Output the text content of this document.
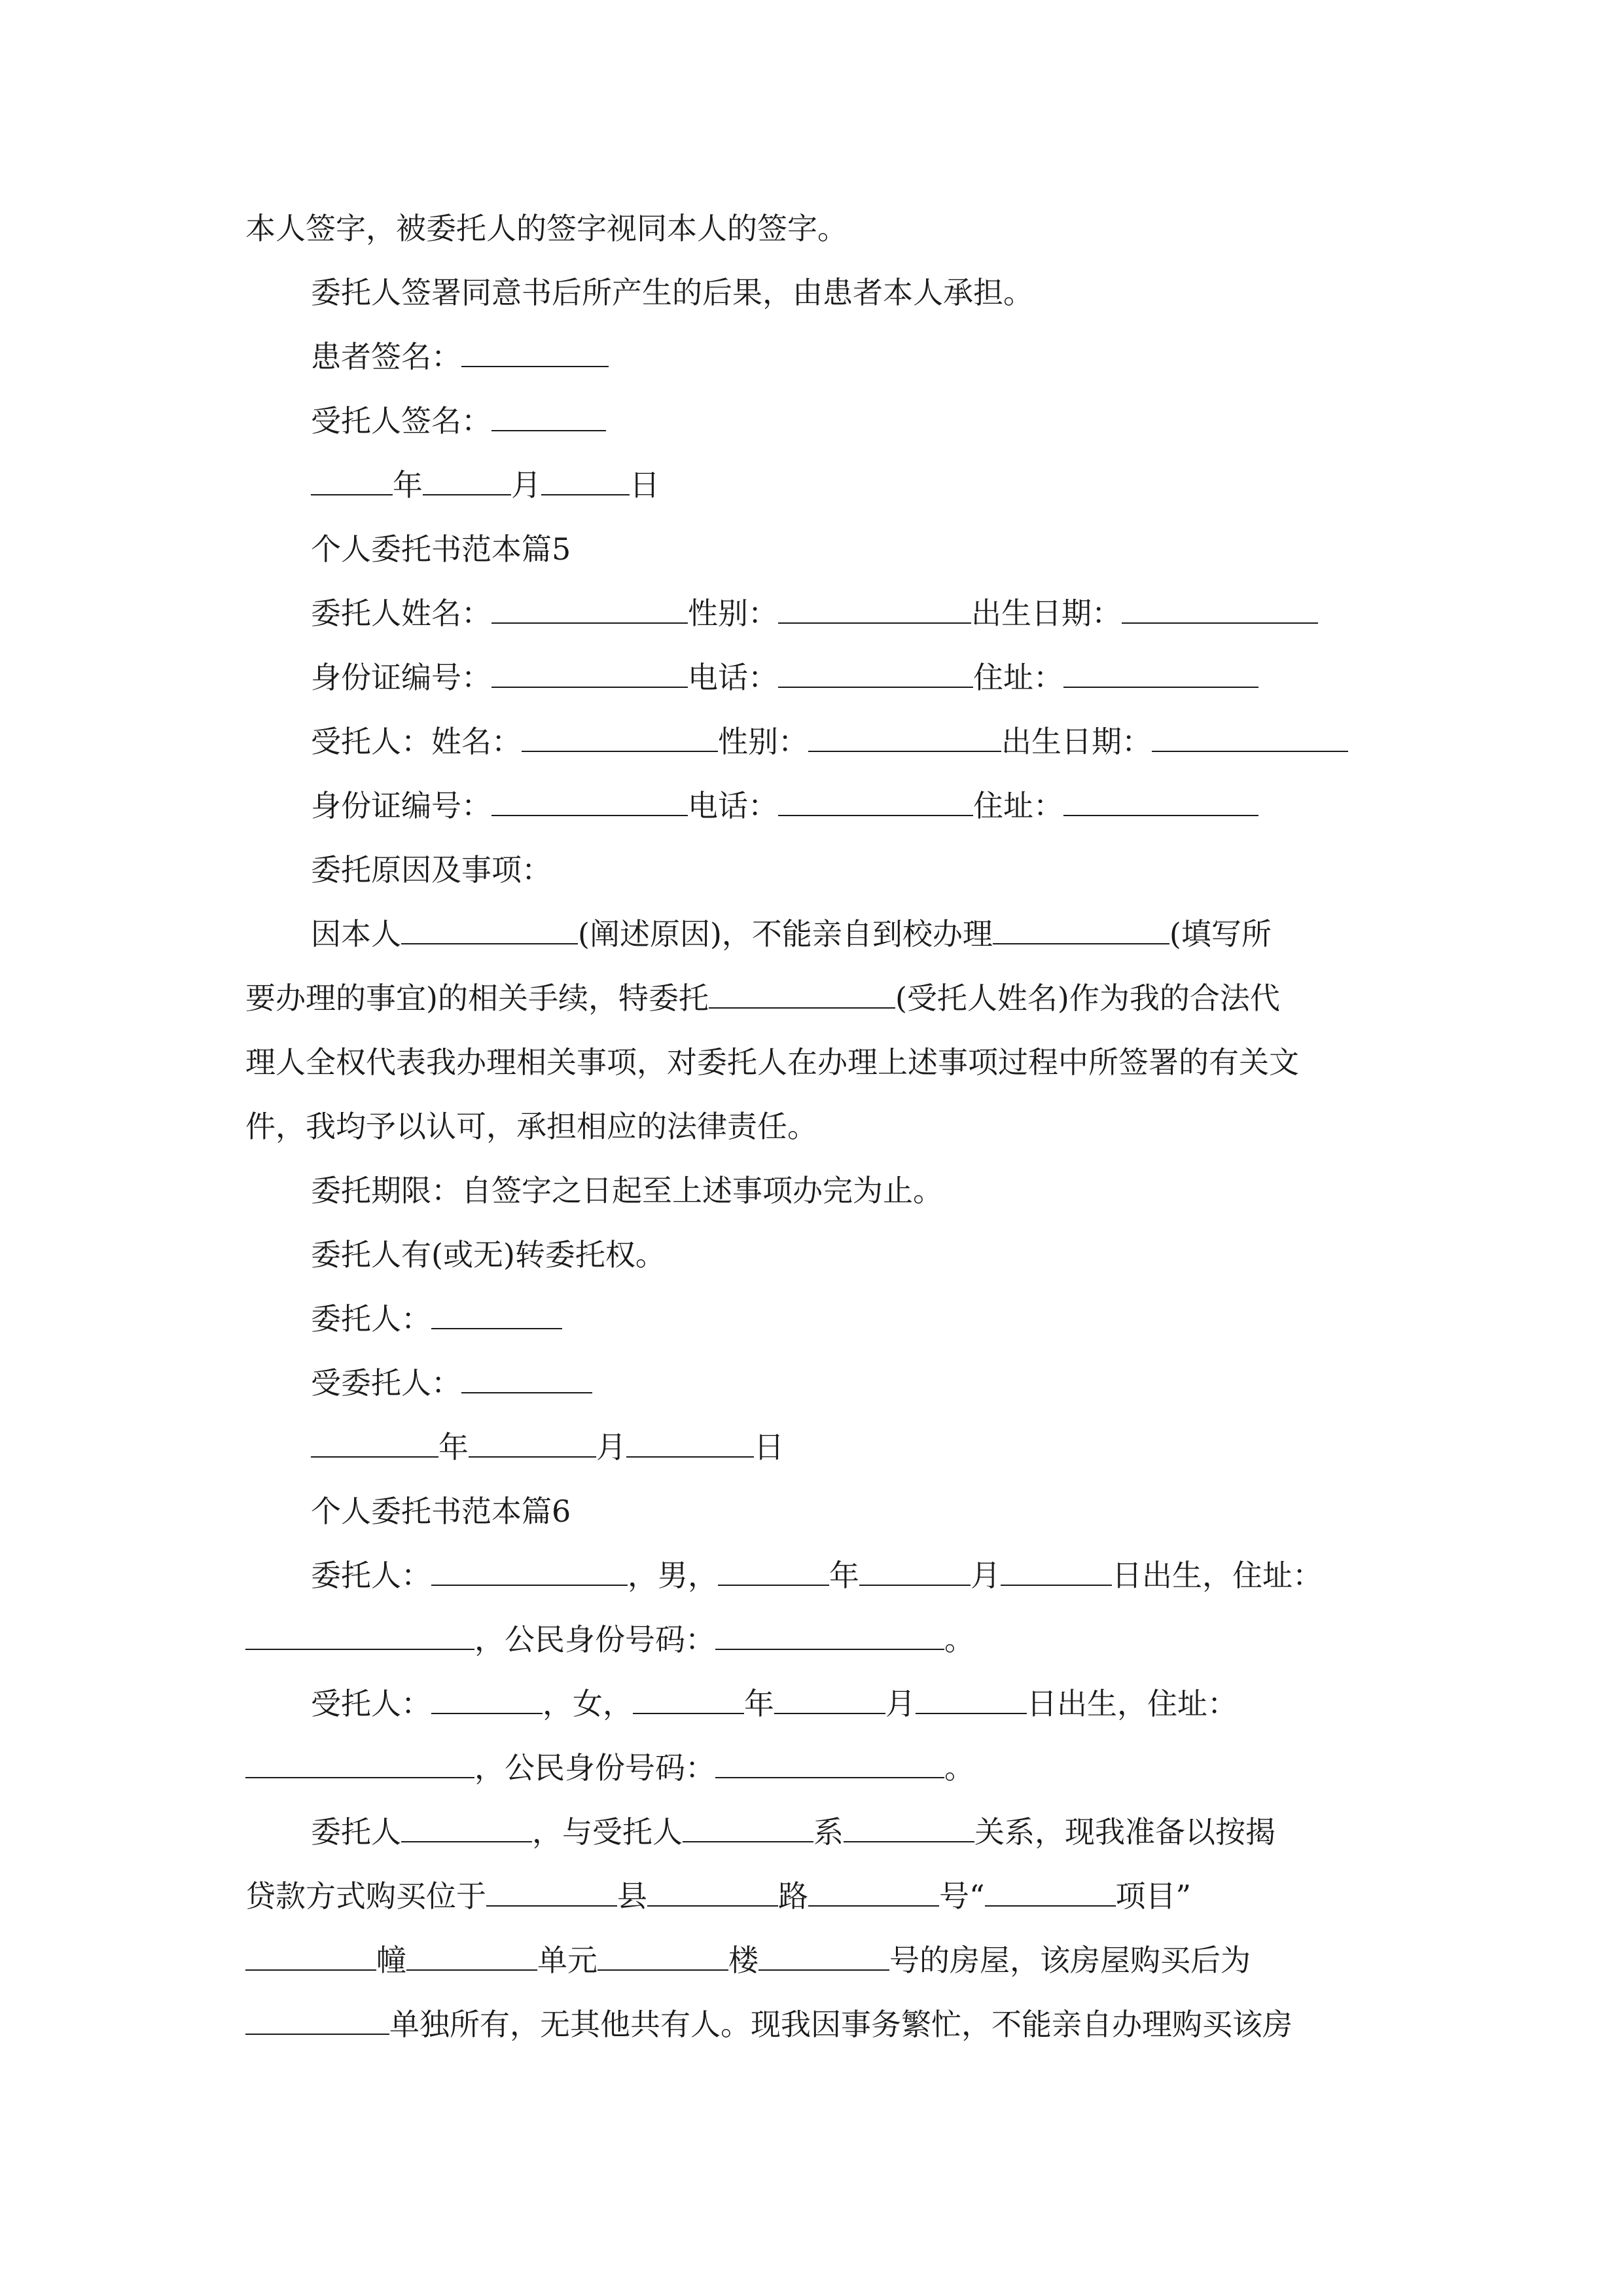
本人签字，被委托人的签字视同本人的签字。
委托人签署同意书后所产生的后果，由患者本人承担。
患者签名：
受托人签名：
年	月	日
个人委托书范本篇5
委托人姓名：	性别：	出生日期：
身份证编号：	电话：	住址：
受托人：姓名：	性别：	出生日期：
身份证编号：	电话：	住址：
委托原因及事项：
因本人	(阐述原因)，不能亲自到校办理	(填写所
要办理的事宜)的相关手续，特委托	(受托人姓名)作为我的合法代
理人全权代表我办理相关事项，对委托人在办理上述事项过程中所签署的有关文
件，我均予以认可，承担相应的法律责任。
委托期限：自签字之日起至上述事项办完为止。
委托人有(或无)转委托权。
委托人：
受委托人：
年	月	日
个人委托书范本篇6
委托人：	，男，	年	月	日出生，住址：
，公民身份号码：	。
受托人：	，女，	年	月	日出生，住址：
，公民身份号码：	。
委托人	，与受托人	系	关系，现我准备以按揭
贷款方式购买位于	县	路	号“	项目”
幢	单元	楼	号的房屋，该房屋购买后为
单独所有，无其他共有人。现我因事务繁忙，不能亲自办理购买该房
